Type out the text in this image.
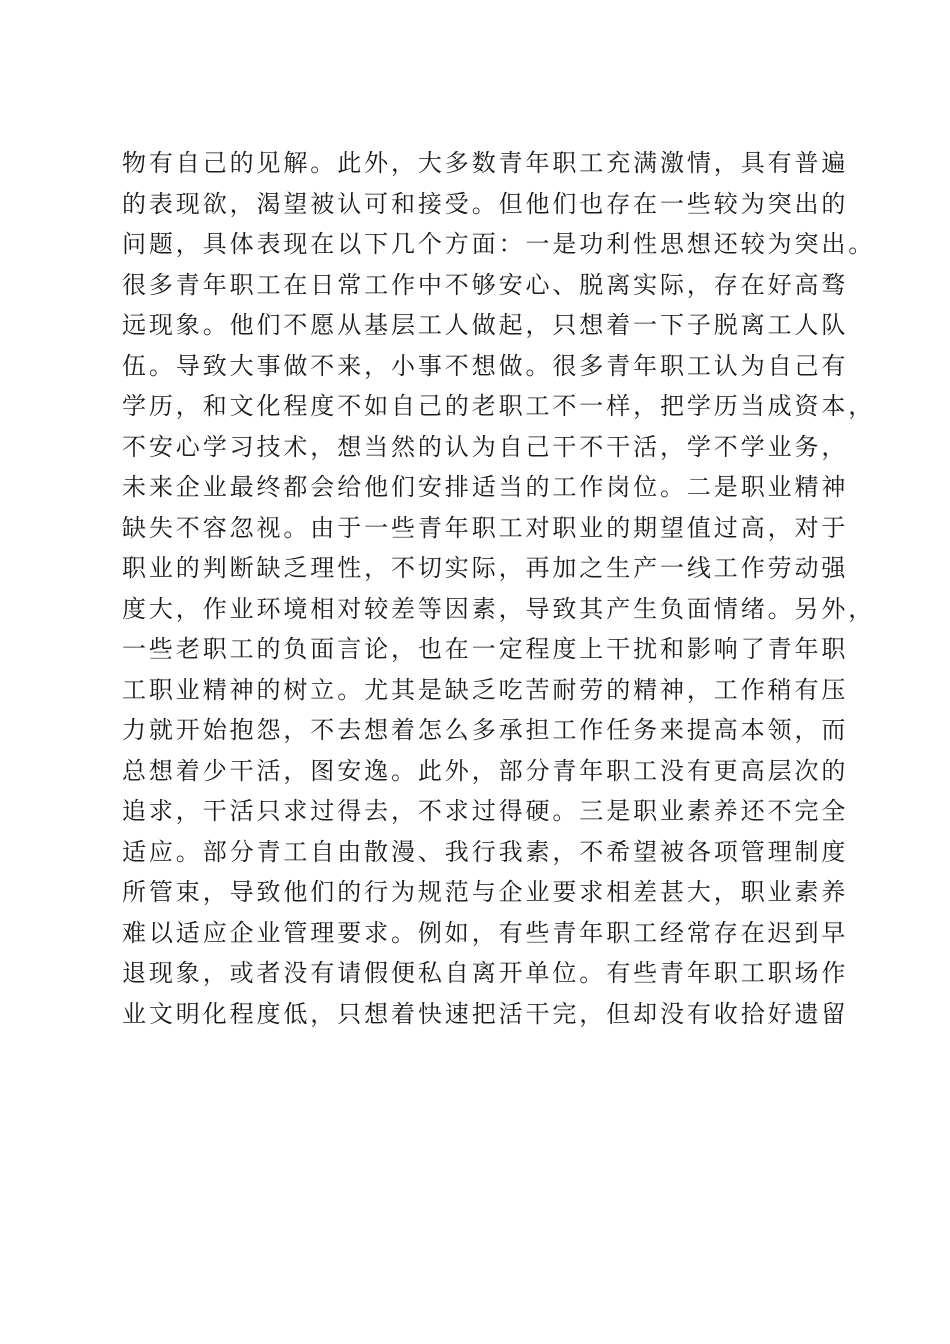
物有自己的见解。此外，大多数青年职工充满激情，具有普遍
的表现欲，渴望被认可和接受。但他们也存在一些较为突出的
问题，具体表现在以下几个方面：一是功利性思想还较为突出。
很多青年职工在日常工作中不够安心、脱离实际，存在好高骛
远现象。他们不愿从基层工人做起，只想着一下子脱离工人队
伍。导致大事做不来，小事不想做。很多青年职工认为自己有
学历，和文化程度不如自己的老职工不一样，把学历当成资本，
不安心学习技术，想当然的认为自己干不干活，学不学业务，
未来企业最终都会给他们安排适当的工作岗位。二是职业精神
缺失不容忽视。由于一些青年职工对职业的期望值过高，对于
职业的判断缺乏理性，不切实际，再加之生产一线工作劳动强
度大，作业环境相对较差等因素，导致其产生负面情绪。另外，
一些老职工的负面言论，也在一定程度上干扰和影响了青年职
工职业精神的树立。尤其是缺乏吃苦耐劳的精神，工作稍有压
力就开始抱怨，不去想着怎么多承担工作任务来提高本领，而
总想着少干活，图安逸。此外，部分青年职工没有更高层次的
追求，干活只求过得去，不求过得硬。三是职业素养还不完全
适应。部分青工自由散漫、我行我素，不希望被各项管理制度
所管束，导致他们的行为规范与企业要求相差甚大，职业素养
难以适应企业管理要求。例如，有些青年职工经常存在迟到早
退现象，或者没有请假便私自离开单位。有些青年职工职场作
业文明化程度低，只想着快速把活干完，但却没有收拾好遗留
